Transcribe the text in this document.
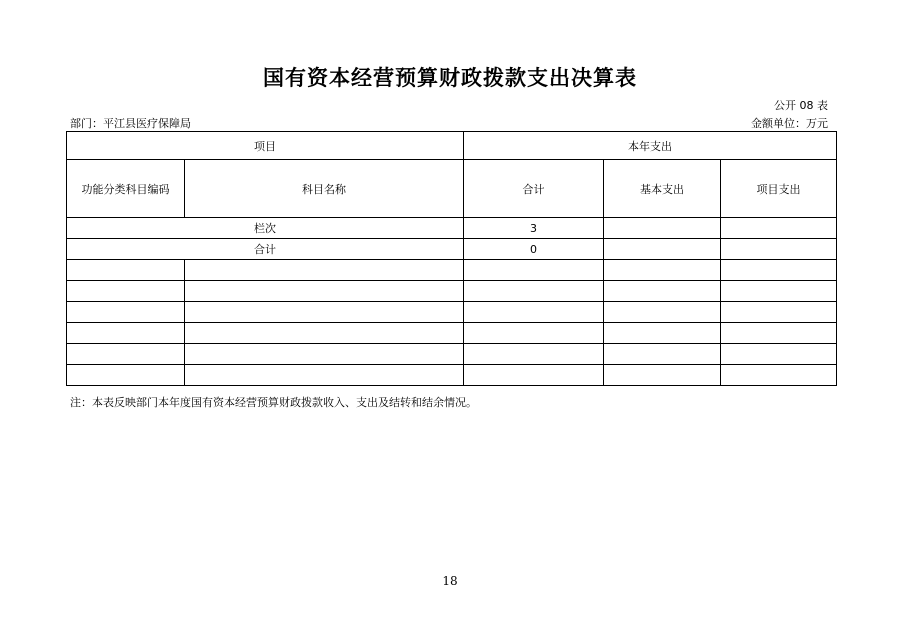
国有资本经营预算财政拨款支出决算表
公开 08 表
部门：平江县医疗保障局	金额单位：万元
项目		本年支出		
功能分类科目编码	科目名称	合计	基本支出	项目支出
栏次		3		
合计		0		

注：本表反映部门本年度国有资本经营预算财政拨款收入、支出及结转和结余情况。
18
